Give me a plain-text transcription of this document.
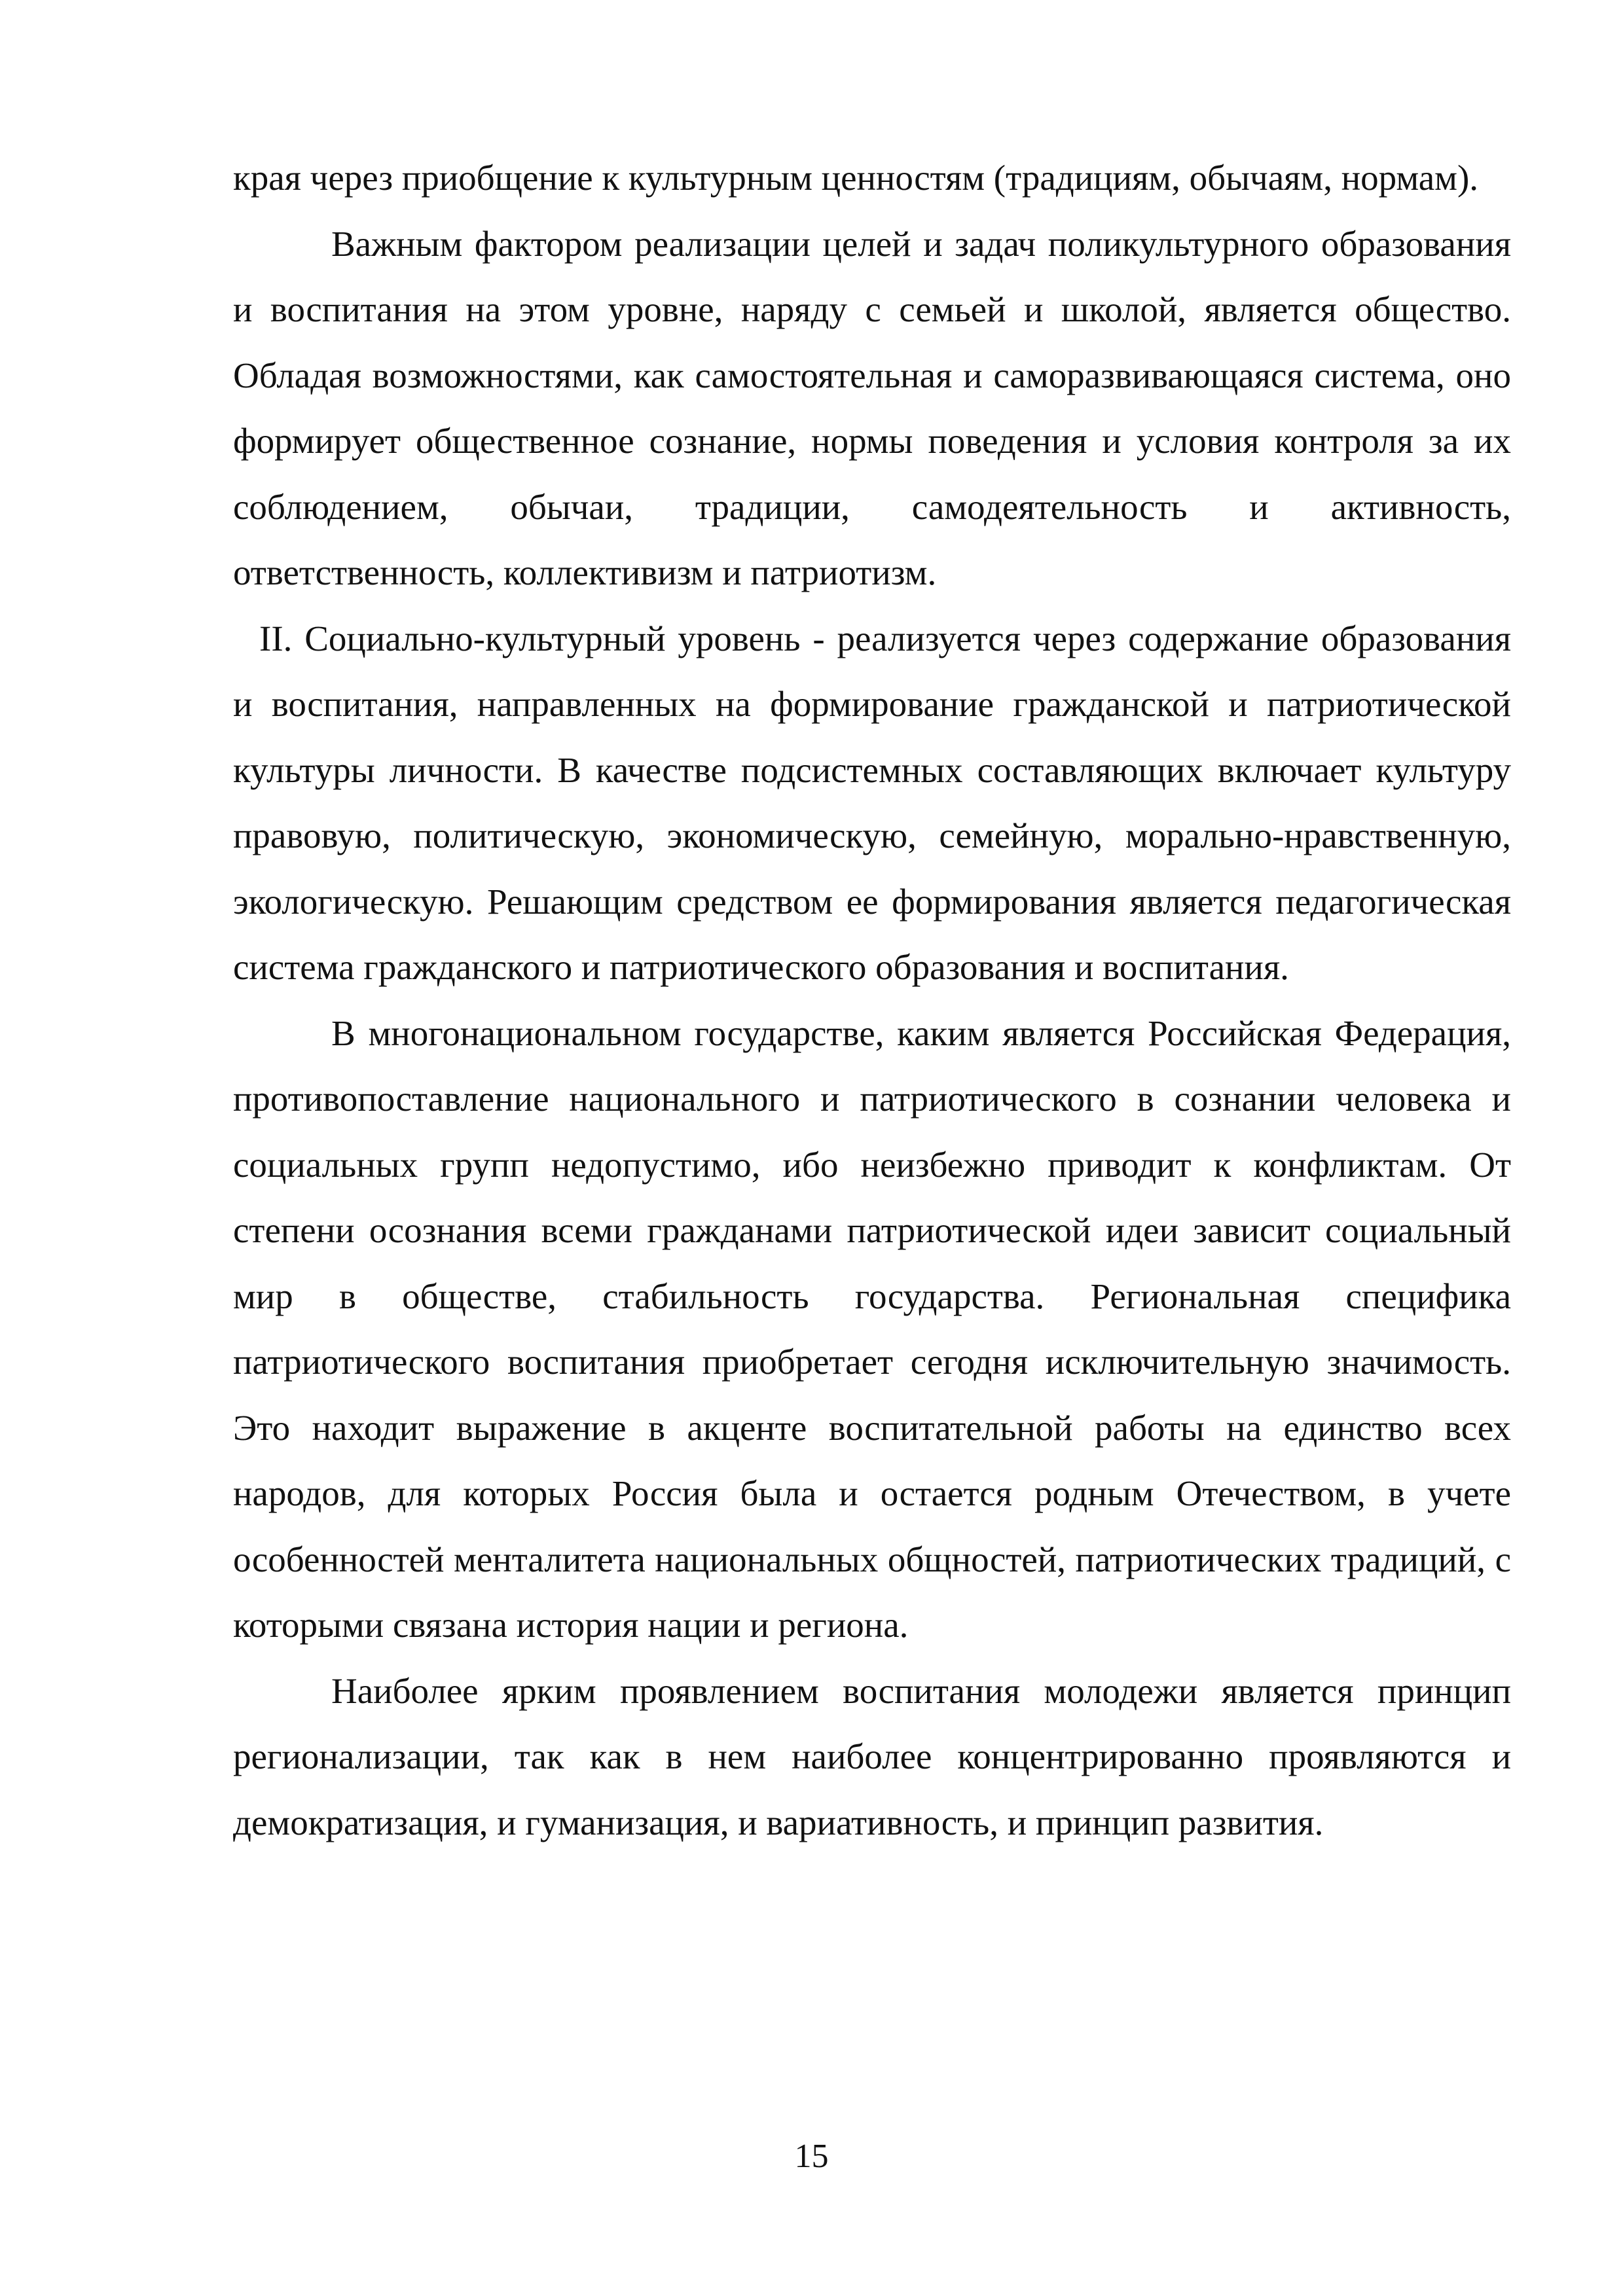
края через приобщение к культурным ценностям (традициям, обычаям, нормам).

Важным фактором реализации целей и задач поликультурного образования и воспитания на этом уровне, наряду с семьей и школой, является общество. Обладая возможностями, как самостоятельная и саморазвивающаяся система, оно формирует общественное сознание, нормы поведения и условия контроля за их соблюдением, обычаи, традиции, самодеятельность и активность, ответственность, коллективизм и патриотизм.

II. Социально-культурный уровень - реализуется через содержание образования и воспитания, направленных на формирование гражданской и патриотической культуры личности. В качестве подсистемных составляющих включает культуру правовую, политическую, экономическую, семейную, морально-нравственную, экологическую. Решающим средством ее формирования является педагогическая система гражданского и патриотического образования и воспитания.

В многонациональном государстве, каким является Российская Федерация, противопоставление национального и патриотического в сознании человека и социальных групп недопустимо, ибо неизбежно приводит к конфликтам. От степени осознания всеми гражданами патриотической идеи зависит социальный мир в обществе, стабильность государства. Региональная специфика патриотического воспитания приобретает сегодня исключительную значимость. Это находит выражение в акценте воспитательной работы на единство всех народов, для которых Россия была и остается родным Отечеством, в учете особенностей менталитета национальных общностей, патриотических традиций, с которыми связана история нации и региона.

Наиболее ярким проявлением воспитания молодежи является принцип регионализации, так как в нем наиболее концентрированно проявляются и демократизация, и гуманизация, и вариативность, и принцип развития.

15
